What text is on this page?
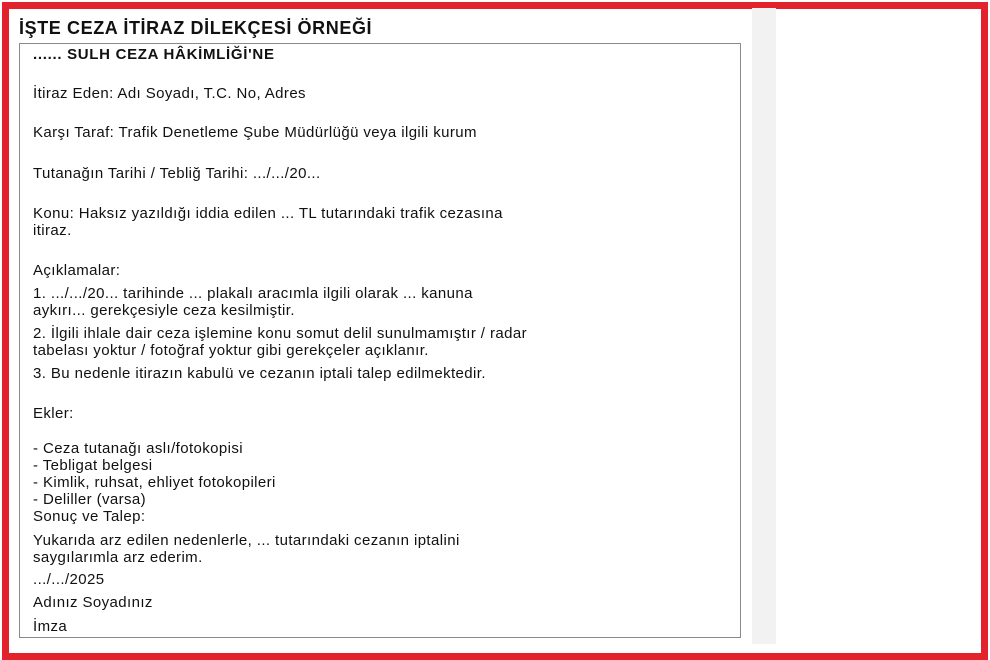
İŞTE CEZA İTİRAZ DİLEKÇESİ ÖRNEĞİ

...... SULH CEZA HÂKİMLİĞİ'NE

İtiraz Eden: Adı Soyadı, T.C. No, Adres

Karşı Taraf: Trafik Denetleme Şube Müdürlüğü veya ilgili kurum

Tutanağın Tarihi / Tebliğ Tarihi: .../.../20...

Konu: Haksız yazıldığı iddia edilen ... TL tutarındaki trafik cezasına

itiraz.

Açıklamalar:

1. .../.../20... tarihinde ... plakalı aracımla ilgili olarak ... kanuna

aykırı... gerekçesiyle ceza kesilmiştir.

2. İlgili ihlale dair ceza işlemine konu somut delil sunulmamıştır / radar

tabelası yoktur / fotoğraf yoktur gibi gerekçeler açıklanır.

3. Bu nedenle itirazın kabulü ve cezanın iptali talep edilmektedir.

Ekler:

- Ceza tutanağı aslı/fotokopisi

- Tebligat belgesi

- Kimlik, ruhsat, ehliyet fotokopileri

- Deliller (varsa)

Sonuç ve Talep:

Yukarıda arz edilen nedenlerle, ... tutarındaki cezanın iptalini

saygılarımla arz ederim.

.../.../2025

Adınız Soyadınız

İmza
